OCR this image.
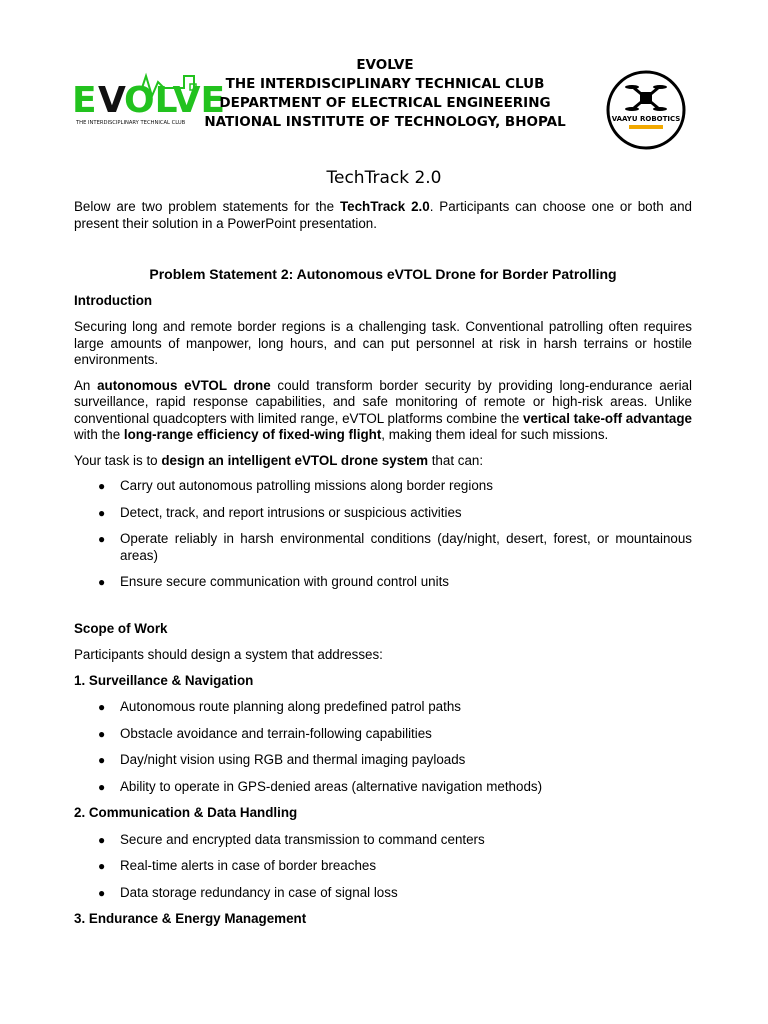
E V
OLVE
THE INTERDISCIPLINARY TECHNICAL CLUB
EVOLVE
THE INTERDISCIPLINARY TECHNICAL CLUB
DEPARTMENT OF ELECTRICAL ENGINEERING
NATIONAL INSTITUTE OF TECHNOLOGY, BHOPAL	VAAYU ROBOTICS
TechTrack 2.0

Below are two problem statements for the TechTrack 2.0. Participants can choose one or both and present their solution in a PowerPoint presentation.

Problem Statement 2: Autonomous eVTOL Drone for Border Patrolling
Introduction

Securing long and remote border regions is a challenging task. Conventional patrolling often requires large amounts of manpower, long hours, and can put personnel at risk in harsh terrains or hostile environments.

An autonomous eVTOL drone could transform border security by providing long-endurance aerial surveillance, rapid response capabilities, and safe monitoring of remote or high-risk areas. Unlike conventional quadcopters with limited range, eVTOL platforms combine the vertical take-off advantage with the long-range efficiency of fixed-wing flight, making them ideal for such missions.

Your task is to design an intelligent eVTOL drone system that can:

● Carry out autonomous patrolling missions along border regions
● Detect, track, and report intrusions or suspicious activities
● Operate reliably in harsh environmental conditions (day/night, desert, forest, or mountainous areas)
● Ensure secure communication with ground control units
Scope of Work

Participants should design a system that addresses:

1. Surveillance & Navigation
● Autonomous route planning along predefined patrol paths
● Obstacle avoidance and terrain-following capabilities
● Day/night vision using RGB and thermal imaging payloads
● Ability to operate in GPS-denied areas (alternative navigation methods)
2. Communication & Data Handling
● Secure and encrypted data transmission to command centers
● Real-time alerts in case of border breaches
● Data storage redundancy in case of signal loss
3. Endurance & Energy Management
